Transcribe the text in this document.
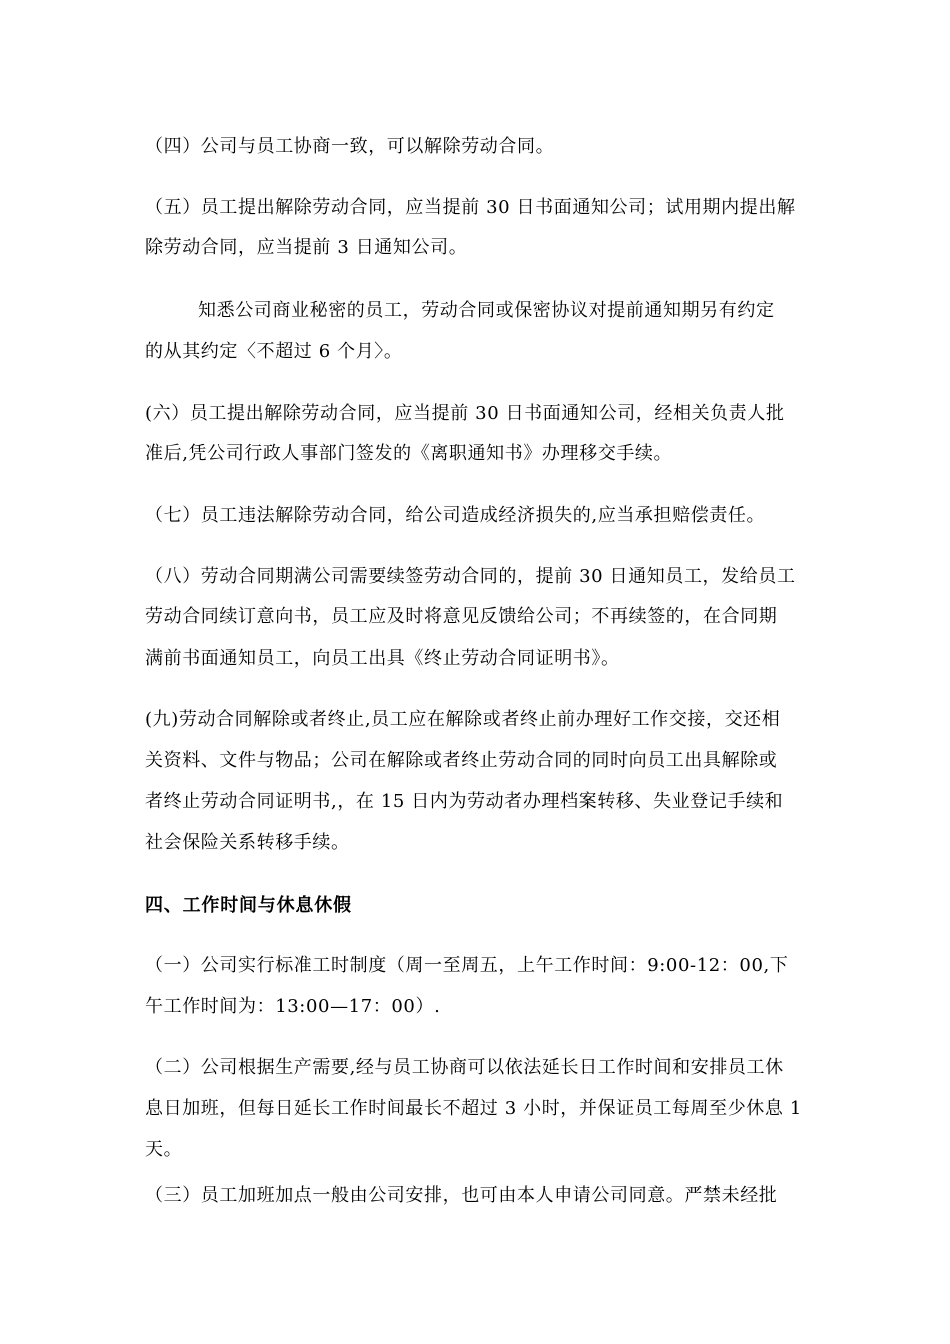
（四）公司与员工协商一致，可以解除劳动合同。

（五）员工提出解除劳动合同，应当提前 30 日书面通知公司；试用期内提出解

除劳动合同，应当提前 3 日通知公司。

知悉公司商业秘密的员工，劳动合同或保密协议对提前通知期另有约定

的从其约定〈不超过 6 个月〉。

(六）员工提出解除劳动合同，应当提前 30 日书面通知公司，经相关负责人批

准后,凭公司行政人事部门签发的《离职通知书》办理移交手续。

（七）员工违法解除劳动合同，给公司造成经济损失的,应当承担赔偿责任。

（八）劳动合同期满公司需要续签劳动合同的，提前 30 日通知员工，发给员工

劳动合同续订意向书，员工应及时将意见反馈给公司；不再续签的，在合同期

满前书面通知员工，向员工出具《终止劳动合同证明书》。

(九)劳动合同解除或者终止,员工应在解除或者终止前办理好工作交接，交还相

关资料、文件与物品；公司在解除或者终止劳动合同的同时向员工出具解除或

者终止劳动合同证明书,，在 15 日内为劳动者办理档案转移、失业登记手续和

社会保险关系转移手续。

四、工作时间与休息休假

（一）公司实行标准工时制度（周一至周五，上午工作时间：9:00-12：00,下

午工作时间为：13:00—17：00）.

（二）公司根据生产需要,经与员工协商可以依法延长日工作时间和安排员工休

息日加班，但每日延长工作时间最长不超过 3 小时，并保证员工每周至少休息 1

天。

（三）员工加班加点一般由公司安排，也可由本人申请公司同意。严禁未经批
